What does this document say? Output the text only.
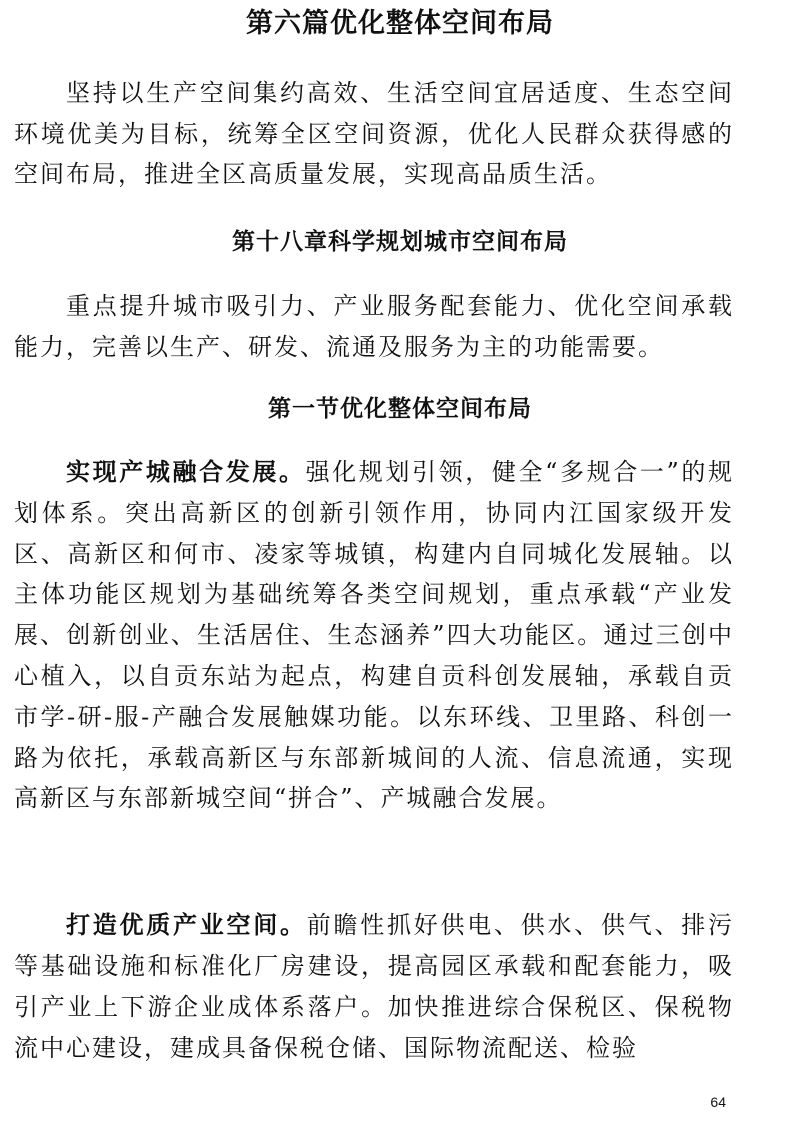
第六篇优化整体空间布局

坚持以生产空间集约高效、生活空间宜居适度、生态空间环境优美为目标，统筹全区空间资源，优化人民群众获得感的空间布局，推进全区高质量发展，实现高品质生活。

第十八章科学规划城市空间布局

重点提升城市吸引力、产业服务配套能力、优化空间承载能力，完善以生产、研发、流通及服务为主的功能需要。

第一节优化整体空间布局

实现产城融合发展。强化规划引领，健全“多规合一”的规划体系。突出高新区的创新引领作用，协同内江国家级开发区、高新区和何市、凌家等城镇，构建内自同城化发展轴。以主体功能区规划为基础统筹各类空间规划，重点承载“产业发展、创新创业、生活居住、生态涵养”四大功能区。通过三创中心植入，以自贡东站为起点，构建自贡科创发展轴，承载自贡市学-研-服-产融合发展触媒功能。以东环线、卫里路、科创一路为依托，承载高新区与东部新城间的人流、信息流通，实现高新区与东部新城空间“拼合”、产城融合发展。

打造优质产业空间。前瞻性抓好供电、供水、供气、排污等基础设施和标准化厂房建设，提高园区承载和配套能力，吸引产业上下游企业成体系落户。加快推进综合保税区、保税物流中心建设，建成具备保税仓储、国际物流配送、检验

64
